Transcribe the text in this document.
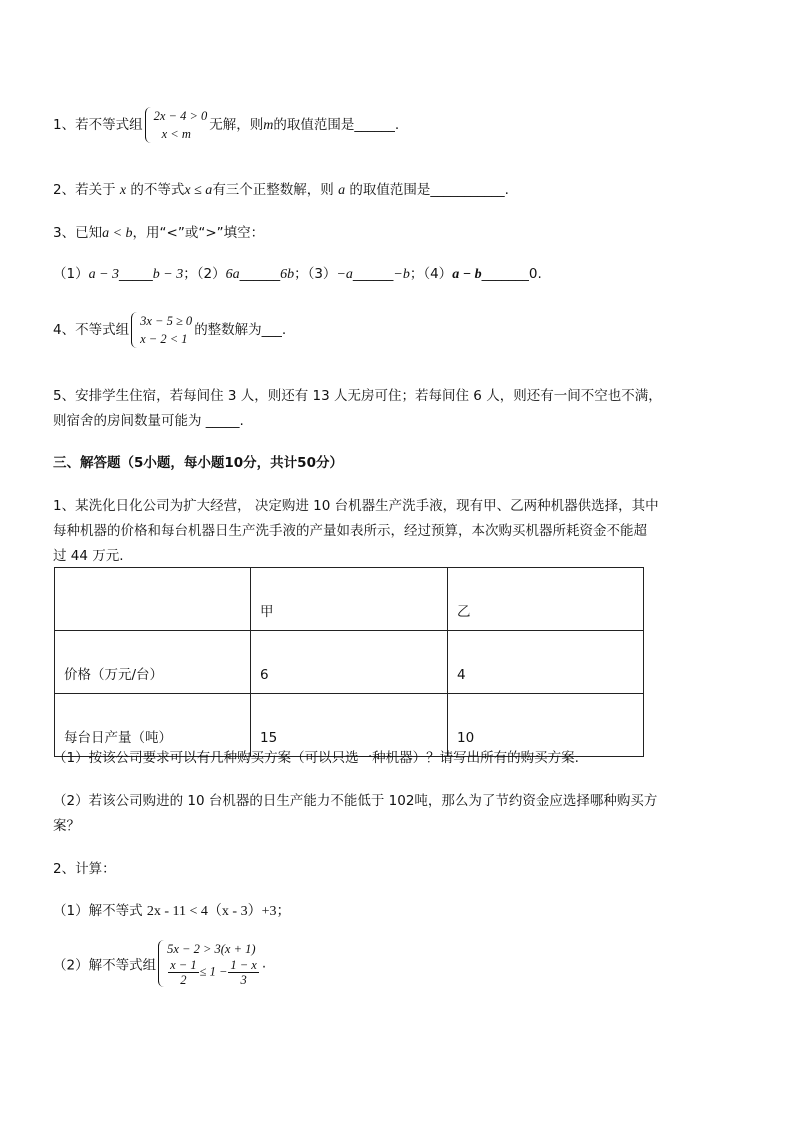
1、若不等式组
2x − 4 > 0
x < m
无解，则m的取值范围是______.
2、若关于 x 的不等式x ≤ a有三个正整数解，则 a 的取值范围是___________.
3、已知a < b，用“<”或“>”填空：
（1）a − 3_____b − 3；（2）6a______6b；（3）−a______−b；（4）a − b_______0.
4、不等式组
3x − 5 ≥ 0
x − 2 < 1
的整数解为___.
5、安排学生住宿，若每间住 3 人，则还有 13 人无房可住；若每间住 6 人，则还有一间不空也不满，
则宿舍的房间数量可能为 _____.
三、解答题（5小题，每小题10分，共计50分）
1、某洗化日化公司为扩大经营， 决定购进 10 台机器生产洗手液，现有甲、乙两种机器供选择，其中
每种机器的价格和每台机器日生产洗手液的产量如表所示，经过预算，本次购买机器所耗资金不能超
过 44 万元.
	甲	乙
价格（万元/台）	6	4
每台日产量（吨）	15	10
（1）按该公司要求可以有几种购买方案（可以只选一种机器）？请写出所有的购买方案.
（2）若该公司购进的 10 台机器的日生产能力不能低于 102吨，那么为了节约资金应选择哪种购买方
案？
2、计算：
（1）解不等式 2x - 11 < 4（x - 3）+3；
（2）解不等式组
5x − 2 > 3(x + 1)
$\frac{x - 1}{2} \le 1 - \frac{1 - x}{3}$ .
